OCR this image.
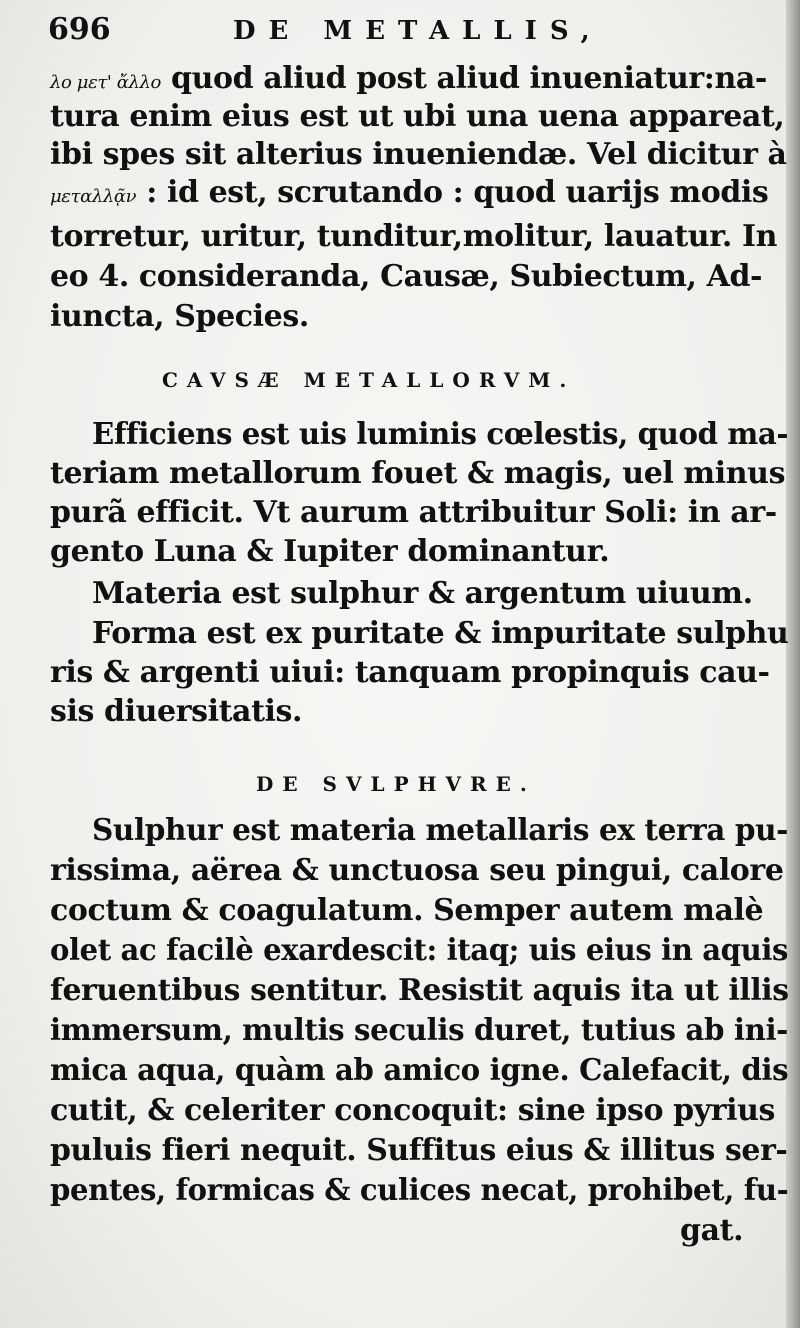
696	DE METALLIS,
λο μετ' ἄλλο quod aliud post aliud inueniatur:na-
tura enim eius est ut ubi una uena appareat,
ibi spes sit alterius inueniendæ. Vel dicitur à
μεταλλᾷν : id est, scrutando : quod uarijs modis
torretur, uritur, tunditur,molitur, lauatur. In
eo 4. consideranda, Causæ, Subiectum, Ad-
iuncta, Species.
CAVSÆ METALLORVM.
Efficiens est uis luminis cœlestis, quod ma-
teriam metallorum fouet & magis, uel minus
purã efficit. Vt aurum attribuitur Soli: in ar-
gento Luna & Iupiter dominantur.
Materia est sulphur & argentum uiuum.
Forma est ex puritate & impuritate sulphu
ris & argenti uiui: tanquam propinquis cau-
sis diuersitatis.
DE SVLPHVRE.
Sulphur est materia metallaris ex terra pu-
rissima, aërea & unctuosa seu pingui, calore
coctum & coagulatum. Semper autem malè
olet ac facilè exardescit: itaq; uis eius in aquis
feruentibus sentitur. Resistit aquis ita ut illis
immersum, multis seculis duret, tutius ab ini-
mica aqua, quàm ab amico igne. Calefacit, dis
cutit, & celeriter concoquit: sine ipso pyrius
puluis fieri nequit. Suffitus eius & illitus ser-
pentes, formicas & culices necat, prohibet, fu-
gat.
